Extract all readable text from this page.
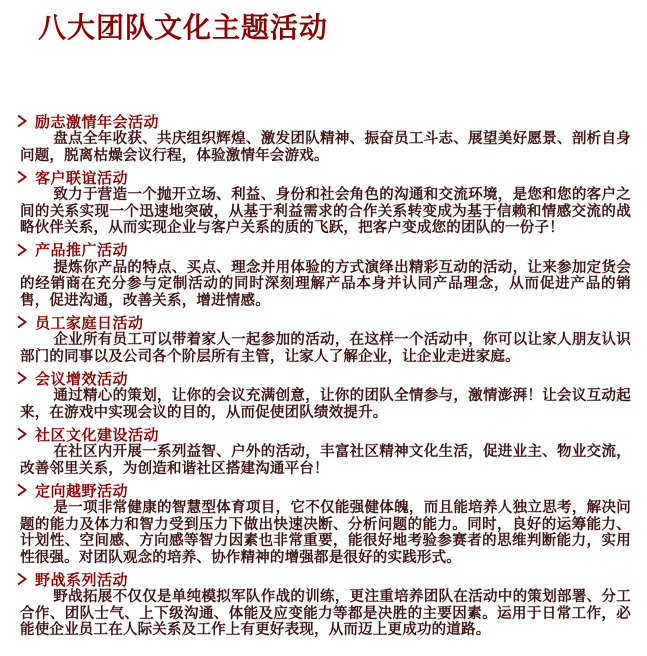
八大团队文化主题活动
励志激情年会活动

盘点全年收获、共庆组织辉煌、激发团队精神、振奋员工斗志、展望美好愿景、剖析自身问题，脱离枯燥会议行程，体验激情年会游戏。

客户联谊活动

致力于营造一个抛开立场、利益、身份和社会角色的沟通和交流环境，是您和您的客户之间的关系实现一个迅速地突破，从基于利益需求的合作关系转变成为基于信赖和情感交流的战略伙伴关系，从而实现企业与客户关系的质的飞跃，把客户变成您的团队的一份子！

产品推广活动

提炼你产品的特点、买点、理念并用体验的方式演绎出精彩互动的活动，让来参加定货会的经销商在充分参与定制活动的同时深刻理解产品本身并认同产品理念，从而促进产品的销售，促进沟通，改善关系，增进情感。

员工家庭日活动

企业所有员工可以带着家人一起参加的活动，在这样一个活动中，你可以让家人朋友认识部门的同事以及公司各个阶层所有主管，让家人了解企业，让企业走进家庭。

会议增效活动

通过精心的策划，让你的会议充满创意，让你的团队全情参与，激情澎湃！让会议互动起来，在游戏中实现会议的目的，从而促使团队绩效提升。

社区文化建设活动

在社区内开展一系列益智、户外的活动，丰富社区精神文化生活，促进业主、物业交流，改善邻里关系，为创造和谐社区搭建沟通平台！

定向越野活动

是一项非常健康的智慧型体育项目，它不仅能强健体魄，而且能培养人独立思考，解决问题的能力及体力和智力受到压力下做出快速决断、分析问题的能力。同时，良好的运筹能力、计划性、空间感、方向感等智力因素也非常重要，能很好地考验参赛者的思维判断能力，实用性很强。对团队观念的培养、协作精神的增强都是很好的实践形式。

野战系列活动

野战拓展不仅仅是单纯模拟军队作战的训练，更注重培养团队在活动中的策划部署、分工合作、团队士气、上下级沟通、体能及应变能力等都是决胜的主要因素。运用于日常工作，必能使企业员工在人际关系及工作上有更好表现，从而迈上更成功的道路。
